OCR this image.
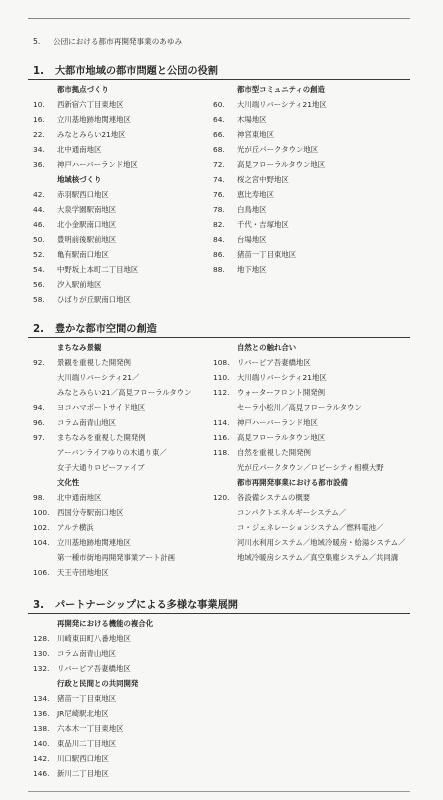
5. 公団における都市再開発事業のあゆみ
1. 大都市地域の都市問題と公団の役割
都市拠点づくり
10. 西新宿六丁目東地区
16. 立川基地跡地関連地区
22. みなとみらい21地区
34. 北中通南地区
36. 神戸ハーバーランド地区
地域核づくり
42. 赤羽駅西口地区
44. 大泉学園駅南地区
46. 北小金駅南口地区
50. 豊明前後駅前地区
52. 亀有駅南口地区
54. 中野坂上本町二丁目地区
56. 汐入駅前地区
58. ひばりが丘駅南口地区
都市型コミュニティの創造
60. 大川端リバーシティ21地区
64. 木場地区
66. 神宮東地区
68. 光が丘パークタウン地区
72. 高見フローラルタウン地区
74. 桜之宮中野地区
76. 恵比寿地区
78. 白鳥地区
82. 千代・吉塚地区
84. 台場地区
86. 猪苗一丁目東地区
88. 地下地区
2. 豊かな都市空間の創造
まちなみ景観
92. 景観を重視した開発例
大川端リバーシティ21／
みなとみらい21／高見フローラルタウン
94. ヨコハマポートサイド地区
96. コラム南青山地区
97. まちなみを重視した開発例
アーバンライフゆりの木通り東／
女子大通りロビーファイブ
文化性
98. 北中通南地区
100. 西国分寺駅南口地区
102. アルテ横浜
104. 立川基地跡地関連地区
第一種市街地再開発事業アート計画
106. 天王寺団地地区
自然との触れ合い
108. リバーピア吾妻橋地区
110. 大川端リバーシティ21地区
112. ウォーターフロント開発例
セーラ小松川／高見フローラルタウン
114. 神戸ハーバーランド地区
116. 高見フローラルタウン地区
118. 自然を重視した開発例
光が丘パークタウン／ロビーシティ相模大野
都市再開発事業における都市設備
120. 各設備システムの概要
コンパクトエネルギーシステム／
コ・ジェネレーションシステム／燃料電池／
河川水利用システム／地域冷暖房・給湯システム／
地域冷暖房システム／真空集塵システム／共同溝
3. パートナーシップによる多様な事業展開
再開発における機能の複合化
128. 川崎東田町八番地地区
130. コラム南青山地区
132. リバーピア吾妻橋地区
行政と民間との共同開発
134. 猪苗一丁目東地区
136. JR尼崎駅北地区
138. 六本木一丁目東地区
140. 東品川二丁目地区
142. 川口駅西口地区
146. 新川二丁目地区
